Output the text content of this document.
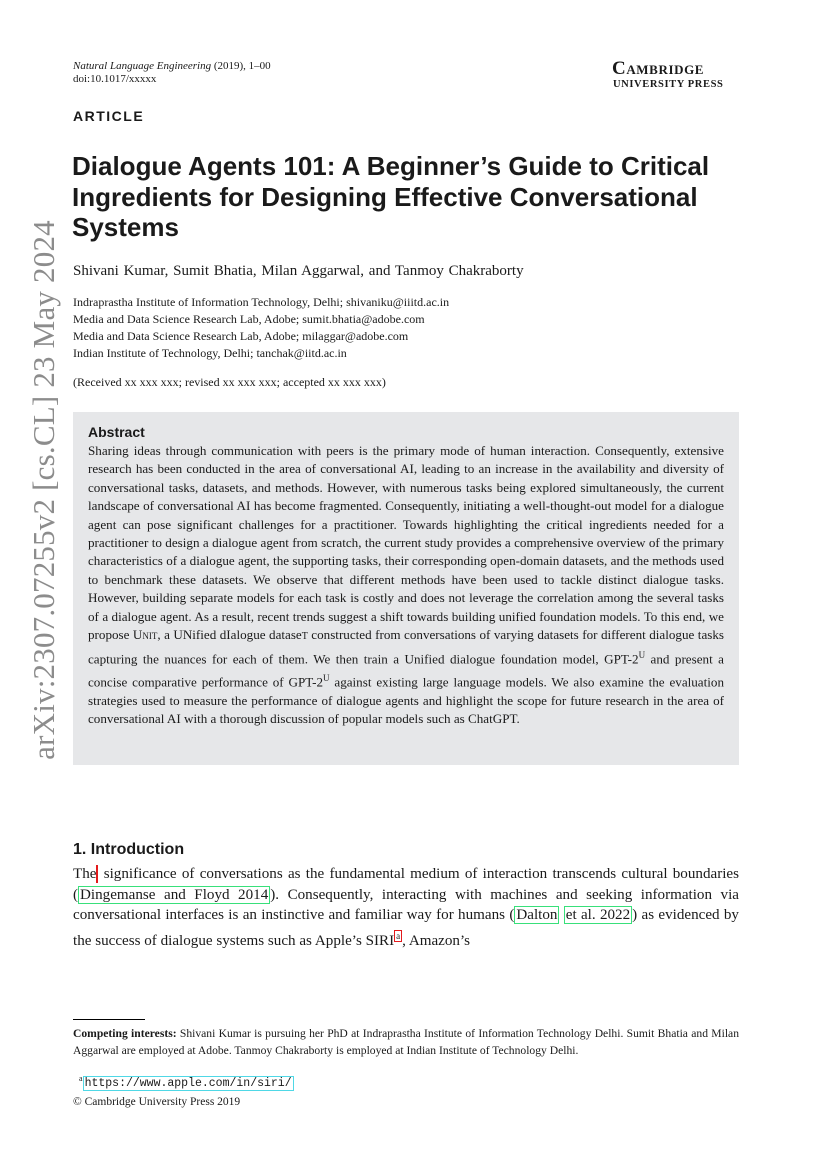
arXiv:2307.07255v2 [cs.CL] 23 May 2024
Natural Language Engineering (2019), 1–00
doi:10.1017/xxxxx	Cambridge
UNIVERSITY PRESS
ARTICLE
Dialogue Agents 101: A Beginner’s Guide to Critical Ingredients for Designing Effective Conversational Systems
Shivani Kumar, Sumit Bhatia, Milan Aggarwal, and Tanmoy Chakraborty
Indraprastha Institute of Information Technology, Delhi; shivaniku@iiitd.ac.in
Media and Data Science Research Lab, Adobe; sumit.bhatia@adobe.com
Media and Data Science Research Lab, Adobe; milaggar@adobe.com
Indian Institute of Technology, Delhi; tanchak@iitd.ac.in
(Received xx xxx xxx; revised xx xxx xxx; accepted xx xxx xxx)
Abstract

Sharing ideas through communication with peers is the primary mode of human interaction. Consequently, extensive research has been conducted in the area of conversational AI, leading to an increase in the availability and diversity of conversational tasks, datasets, and methods. However, with numerous tasks being explored simultaneously, the current landscape of conversational AI has become fragmented. Consequently, initiating a well-thought-out model for a dialogue agent can pose significant challenges for a practitioner. Towards highlighting the critical ingredients needed for a practitioner to design a dialogue agent from scratch, the current study provides a comprehensive overview of the primary characteristics of a dialogue agent, the supporting tasks, their corresponding open-domain datasets, and the methods used to benchmark these datasets. We observe that different methods have been used to tackle distinct dialogue tasks. However, building separate models for each task is costly and does not leverage the correlation among the several tasks of a dialogue agent. As a result, recent trends suggest a shift towards building unified foundation models. To this end, we propose Unit, a UNified dIalogue dataseT constructed from conversations of varying datasets for different dialogue tasks capturing the nuances for each of them. We then train a Unified dialogue foundation model, GPT-$2^U$ and present a concise comparative performance of GPT-$2^U$ against existing large language models. We also examine the evaluation strategies used to measure the performance of dialogue agents and highlight the scope for future research in the area of conversational AI with a thorough discussion of popular models such as ChatGPT.

1. Introduction

The significance of conversations as the fundamental medium of interaction transcends cultural boundaries ( Dingemanse and Floyd 2014 ). Consequently, interacting with machines and seeking information via conversational interfaces is an instinctive and familiar way for humans ( Dalton et al. 2022 ) as evidenced by the success of dialogue systems such as Apple’s SIRI $^a$ , Amazon’s

Competing interests: Shivani Kumar is pursuing her PhD at Indraprastha Institute of Information Technology Delhi. Sumit Bhatia and Milan Aggarwal are employed at Adobe. Tanmoy Chakraborty is employed at Indian Institute of Technology Delhi.

$^a$ https://www.apple.com/in/siri/
© Cambridge University Press 2019
